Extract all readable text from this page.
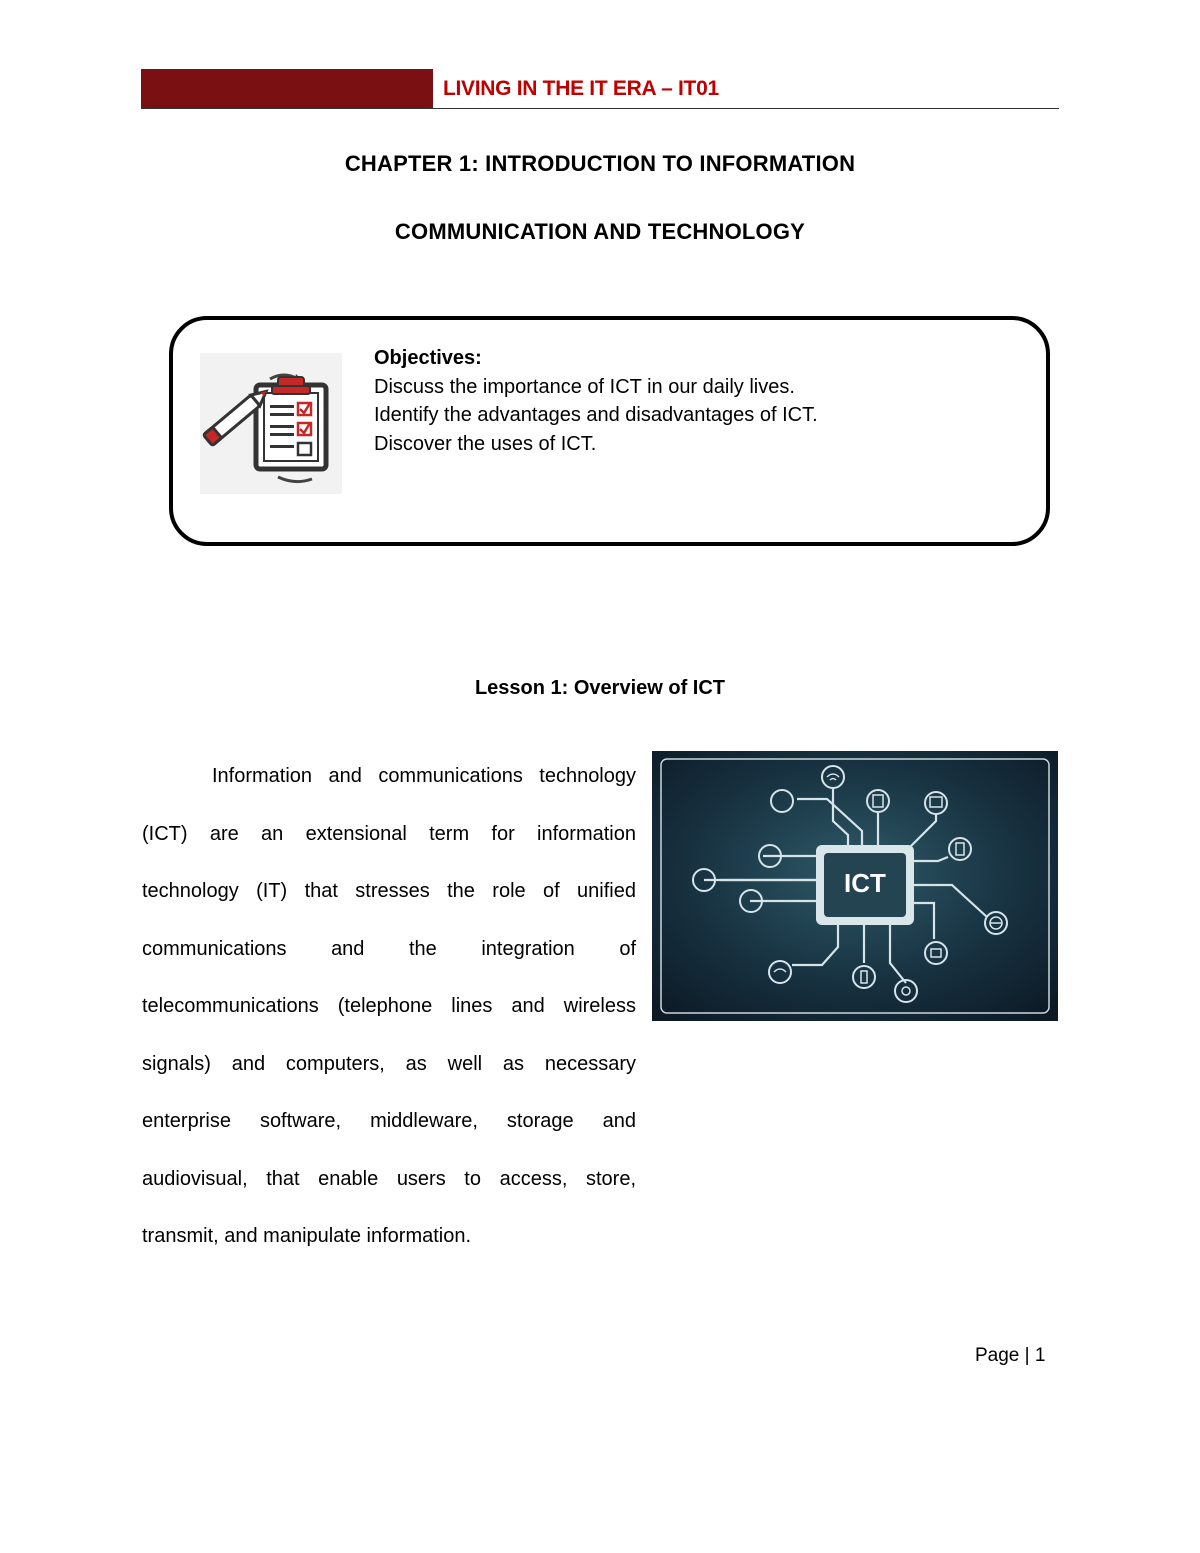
LIVING IN THE IT ERA – IT01
CHAPTER 1: INTRODUCTION TO INFORMATION
COMMUNICATION AND TECHNOLOGY
Objectives:
Discuss the importance of ICT in our daily lives.
Identify the advantages and disadvantages of ICT.
Discover the uses of ICT.
Lesson 1: Overview of ICT
Information and communications technology (ICT) are an extensional term for information technology (IT) that stresses the role of unified communications and the integration of telecommunications (telephone lines and wireless signals) and computers, as well as necessary enterprise software, middleware, storage and audiovisual, that enable users to access, store, transmit, and manipulate information.
ICT
Page | 1
